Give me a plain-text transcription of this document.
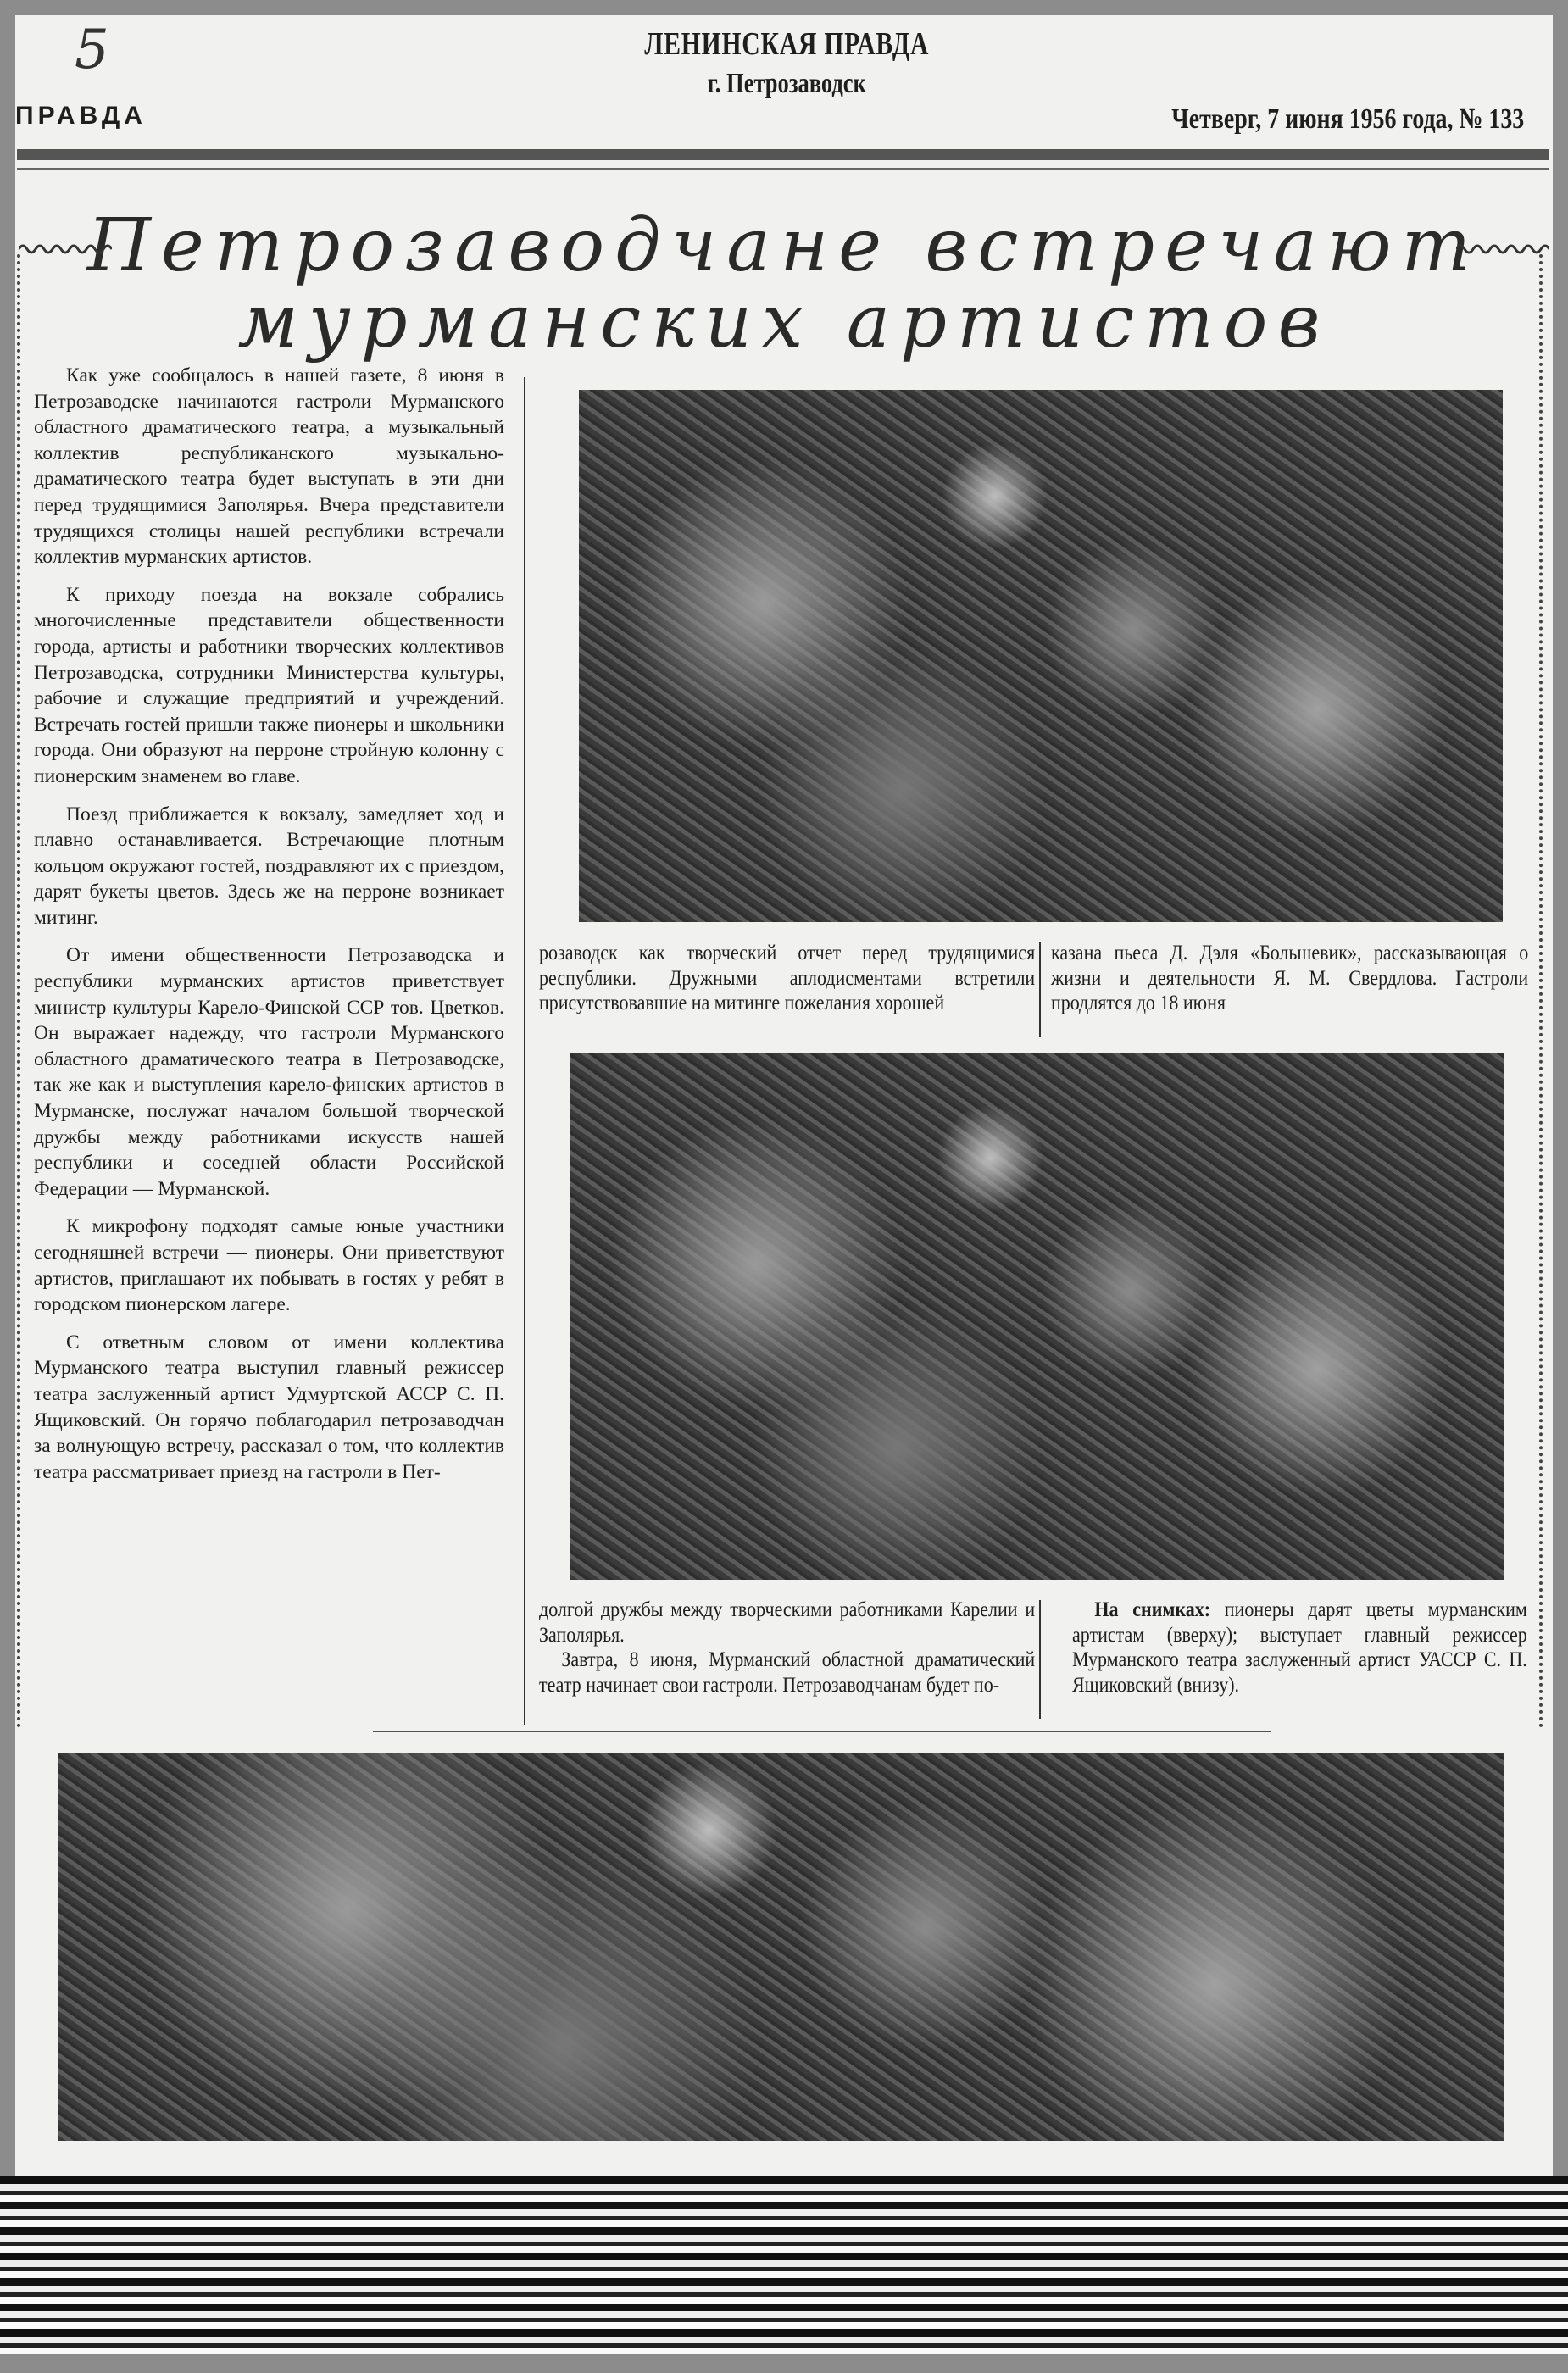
5	ЛЕНИНСКАЯ ПРАВДА
г. Петрозаводск
ПРАВДА	Четверг, 7 июня 1956 года, № 133
Петрозаводчане встречают
мурманских артистов

Как уже сообщалось в нашей газете, 8 июня в Петрозаводске начинаются гастроли Мурманского областного драматического театра, а музыкальный коллектив республиканского музыкально-драматического театра будет выступать в эти дни перед трудящимися Заполярья. Вчера представители трудящихся столицы нашей республики встречали коллектив мурманских артистов.

К приходу поезда на вокзале собрались многочисленные представители общественности города, артисты и работники творческих коллективов Петрозаводска, сотрудники Министерства культуры, рабочие и служащие предприятий и учреждений. Встречать гостей пришли также пионеры и школьники города. Они образуют на перроне стройную колонну с пионерским знаменем во главе.

Поезд приближается к вокзалу, замедляет ход и плавно останавливается. Встречающие плотным кольцом окружают гостей, поздравляют их с приездом, дарят букеты цветов. Здесь же на перроне возникает митинг.

От имени общественности Петрозаводска и республики мурманских артистов приветствует министр культуры Карело-Финской ССР тов. Цветков. Он выражает надежду, что гастроли Мурманского областного драматического театра в Петрозаводске, так же как и выступления карело-финских артистов в Мурманске, послужат началом большой творческой дружбы между работниками искусств нашей республики и соседней области Российской Федерации — Мурманской.

К микрофону подходят самые юные участники сегодняшней встречи — пионеры. Они приветствуют артистов, приглашают их побывать в гостях у ребят в городском пионерском лагере.

С ответным словом от имени коллектива Мурманского театра выступил главный режиссер театра заслуженный артист Удмуртской АССР С. П. Ящиковский. Он горячо поблагодарил петрозаводчан за волнующую встречу, рассказал о том, что коллектив театра рассматривает приезд на гастроли в Пет-

розаводск как творческий отчет перед трудящимися республики. Дружными аплодисментами встретили присутствовавшие на митинге пожелания хорошей

казана пьеса Д. Дэля «Большевик», рассказывающая о жизни и деятельности Я. М. Свердлова. Гастроли продлятся до 18 июня

долгой дружбы между творческими работниками Карелии и Заполярья.

Завтра, 8 июня, Мурманский областной драматический театр начинает свои гастроли. Петрозаводчанам будет по-

На снимках: пионеры дарят цветы мурманским артистам (вверху); выступает главный режиссер Мурманского театра заслуженный артист УАССР С. П. Ящиковский (внизу).
